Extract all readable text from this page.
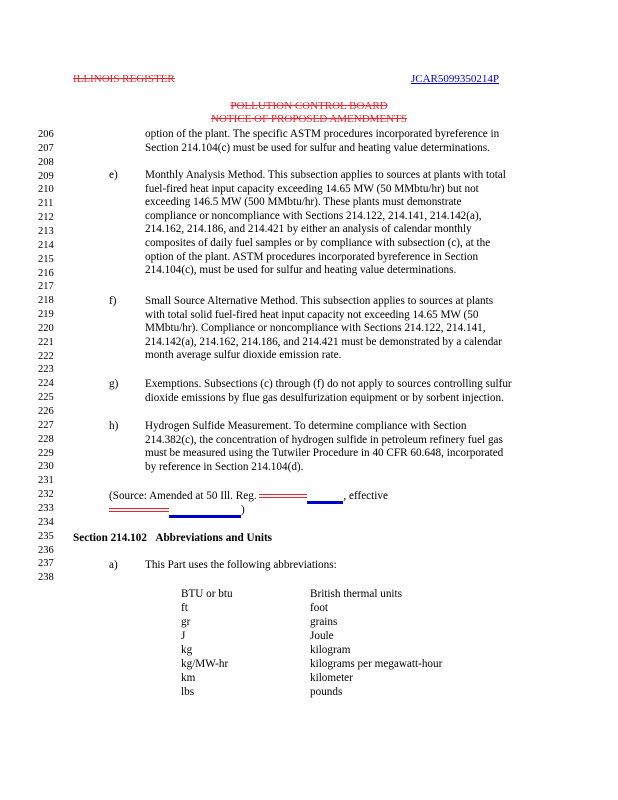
ILLINOIS REGISTER	JCAR5099350214P
POLLUTION CONTROL BOARD
NOTICE OF PROPOSED AMENDMENTS
206
207
208
209
210
211
212
213
214
215
216
217
218
219
220
221
222
223
224
225
226
227
228
229
230
231
232
233
234
235
236
237
238
option of the plant. The specific ASTM procedures incorporated byreference in
Section 214.104(c) must be used for sulfur and heating value determinations.
e) Monthly Analysis Method. This subsection applies to sources at plants with total
fuel-fired heat input capacity exceeding 14.65 MW (50 MMbtu/hr) but not
exceeding 146.5 MW (500 MMbtu/hr). These plants must demonstrate
compliance or noncompliance with Sections 214.122, 214.141, 214.142(a),
214.162, 214.186, and 214.421 by either an analysis of calendar monthly
composites of daily fuel samples or by compliance with subsection (c), at the
option of the plant. ASTM procedures incorporated byreference in Section
214.104(c), must be used for sulfur and heating value determinations.
f)	Small Source Alternative Method. This subsection applies to sources at plants
with total solid fuel-fired heat input capacity not exceeding 14.65 MW (50
MMbtu/hr). Compliance or noncompliance with Sections 214.122, 214.141,
214.142(a), 214.162, 214.186, and 214.421 must be demonstrated by a calendar
month average sulfur dioxide emission rate.
g) Exemptions. Subsections (c) through (f) do not apply to sources controlling sulfur
dioxide emissions by flue gas desulfurization equipment or by sorbent injection.
h) Hydrogen Sulfide Measurement. To determine compliance with Section
214.382(c), the concentration of hydrogen sulfide in petroleum refinery fuel gas
must be measured using the Tutwiler Procedure in 40 CFR 60.648, incorporated
by reference in Section 214.104(d).
(Source: Amended at 50 Ill. Reg.	, effective
)
Section 214.102 Abbreviations and Units
a) This Part uses the following abbreviations:
BTU or btu	British thermal units
ft	foot
gr	grains
J	Joule
kg	kilogram
kg/MW-hr	kilograms per megawatt-hour
km	kilometer
lbs	pounds
